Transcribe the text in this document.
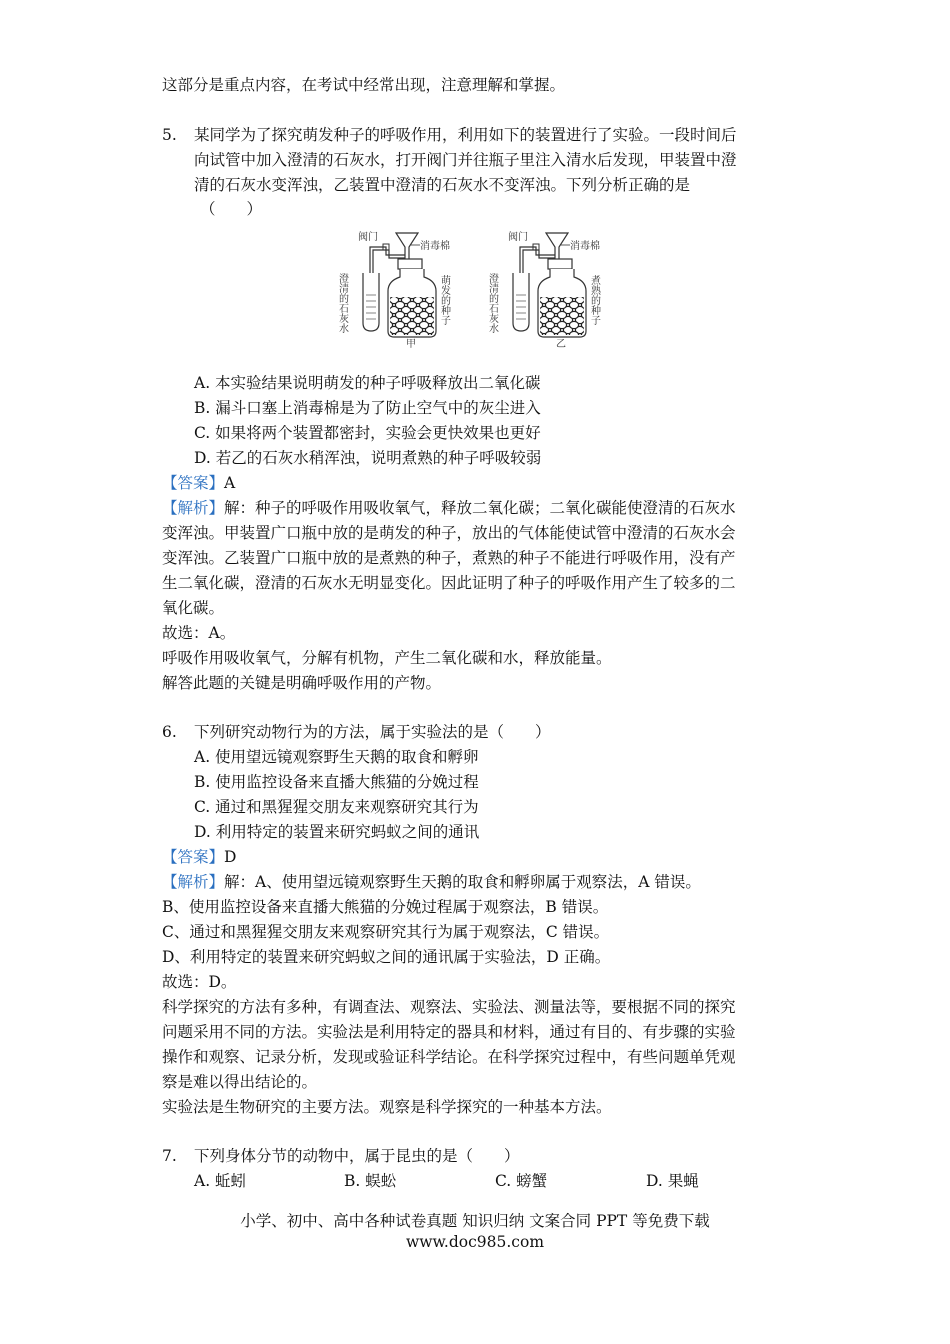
这部分是重点内容，在考试中经常出现，注意理解和掌握。
5. 某同学为了探究萌发种子的呼吸作用，利用如下的装置进行了实验。一段时间后
向试管中加入澄清的石灰水，打开阀门并往瓶子里注入清水后发现，甲装置中澄
清的石灰水变浑浊，乙装置中澄清的石灰水不变浑浊。下列分析正确的是
（　　）
阀门
消毒棉
澄清的石灰水	萌发的种子
甲
阀门
消毒棉
澄清的石灰水	煮熟的种子
乙
A. 本实验结果说明萌发的种子呼吸释放出二氧化碳
B. 漏斗口塞上消毒棉是为了防止空气中的灰尘进入
C. 如果将两个装置都密封，实验会更快效果也更好
D. 若乙的石灰水稍浑浊，说明煮熟的种子呼吸较弱
【答案】A
【解析】解：种子的呼吸作用吸收氧气，释放二氧化碳；二氧化碳能使澄清的石灰水
变浑浊。甲装置广口瓶中放的是萌发的种子，放出的气体能使试管中澄清的石灰水会
变浑浊。乙装置广口瓶中放的是煮熟的种子，煮熟的种子不能进行呼吸作用，没有产
生二氧化碳，澄清的石灰水无明显变化。因此证明了种子的呼吸作用产生了较多的二
氧化碳。
故选：A。
呼吸作用吸收氧气，分解有机物，产生二氧化碳和水，释放能量。
解答此题的关键是明确呼吸作用的产物。
6. 下列研究动物行为的方法，属于实验法的是（　　）
A. 使用望远镜观察野生天鹅的取食和孵卵
B. 使用监控设备来直播大熊猫的分娩过程
C. 通过和黑猩猩交朋友来观察研究其行为
D. 利用特定的装置来研究蚂蚁之间的通讯
【答案】D
【解析】解：A、使用望远镜观察野生天鹅的取食和孵卵属于观察法，A 错误。
B、使用监控设备来直播大熊猫的分娩过程属于观察法，B 错误。
C、通过和黑猩猩交朋友来观察研究其行为属于观察法，C 错误。
D、利用特定的装置来研究蚂蚁之间的通讯属于实验法，D 正确。
故选：D。
科学探究的方法有多种，有调查法、观察法、实验法、测量法等，要根据不同的探究
问题采用不同的方法。实验法是利用特定的器具和材料，通过有目的、有步骤的实验
操作和观察、记录分析，发现或验证科学结论。在科学探究过程中，有些问题单凭观
察是难以得出结论的。
实验法是生物研究的主要方法。观察是科学探究的一种基本方法。
7. 下列身体分节的动物中，属于昆虫的是（　　）
A. 蚯蚓	B. 蜈蚣	C. 螃蟹	D. 果蝇
小学、初中、高中各种试卷真题 知识归纳 文案合同 PPT 等免费下载
www.doc985.com
